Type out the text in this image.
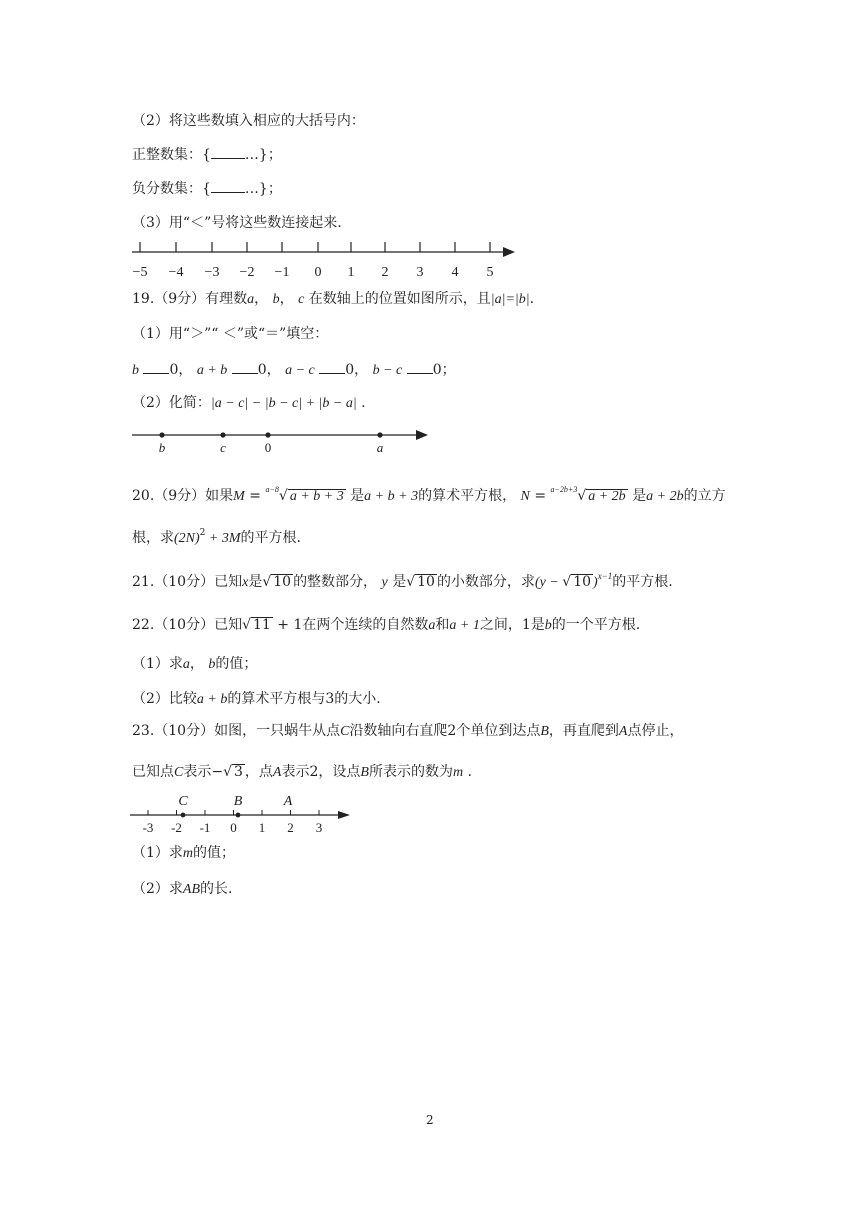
（2）将这些数填入相应的大括号内：
正整数集：{ …}；
负分数集：{ …}；
（3）用“＜”号将这些数连接起来.
−5 −4 −3 −2 −1 0 1 2 3 4 5
19.（9分）有理数a， b， c 在数轴上的位置如图所示，且|a|=|b|.
（1）用“＞”“ ＜”或“＝”填空：
b 0， a + b 0， a − c 0， b − c 0；
（2）化简：|a − c| − |b − c| + |b − a| .
b	c	0	a
20.（9分）如果M = $^{a-8}$√ a + b + 3 是a + b + 3的算术平方根， N = $^{a-2b+3}$√ a + 2b 是a + 2b的立方
根，求$(2N)^2 + 3M$的平方根.
21.（10分）已知x是√ 10 的整数部分， y 是√ 10 的小数部分，求(y − √ 10 )$^{x-1}$的平方根.
22.（10分）已知√ 11 + 1在两个连续的自然数a和a + 1之间，1是b的一个平方根.
（1）求a， b的值；
（2）比较a + b的算术平方根与3的大小.
23.（10分）如图，一只蜗牛从点C沿数轴向右直爬2个单位到达点B，再直爬到A点停止，
已知点C表示−√ 3 ，点A表示2，设点B所表示的数为m .
-3 -2 -1 0 1 2 3
C	B	A
（1）求m的值；
（2）求AB的长.
2
